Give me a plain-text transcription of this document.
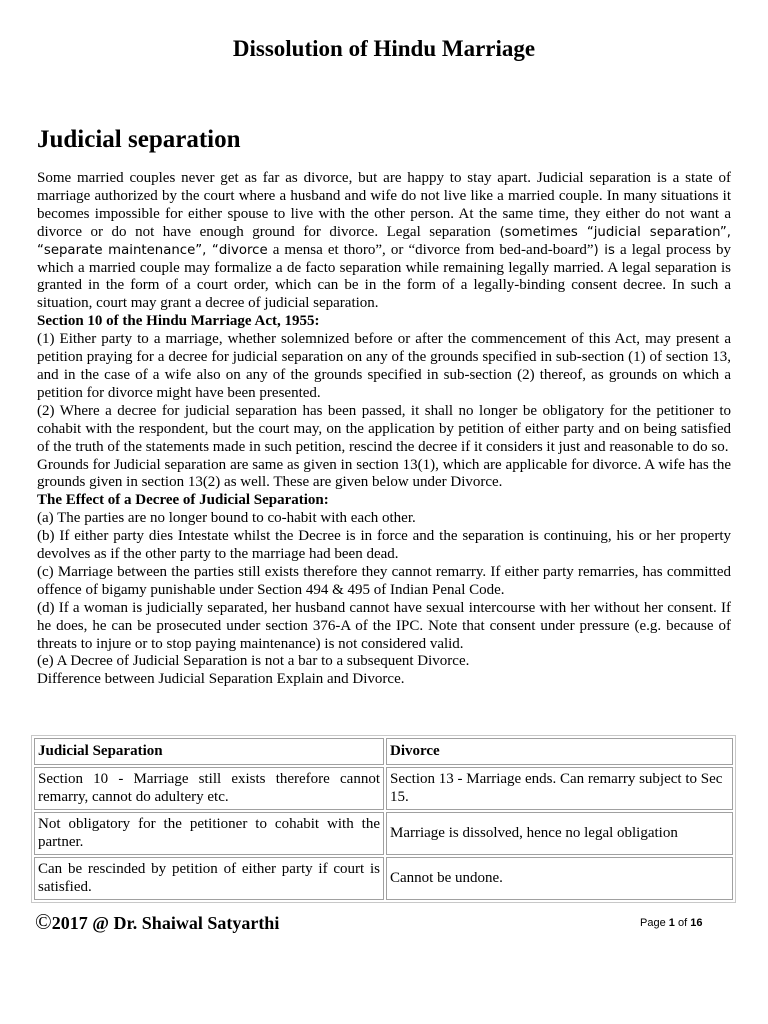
Dissolution of Hindu Marriage
Judicial separation

Some married couples never get as far as divorce, but are happy to stay apart. Judicial separation is a state of marriage authorized by the court where a husband and wife do not live like a married couple. In many situations it becomes impossible for either spouse to live with the other person. At the same time, they either do not want a divorce or do not have enough ground for divorce. Legal separation (sometimes “judicial separation”, “separate maintenance”, “divorce a mensa et thoro”, or “divorce from bed-and-board”) is a legal process by which a married couple may formalize a de facto separation while remaining legally married. A legal separation is granted in the form of a court order, which can be in the form of a legally-binding consent decree. In such a situation, court may grant a decree of judicial separation.

Section 10 of the Hindu Marriage Act, 1955:

(1) Either party to a marriage, whether solemnized before or after the commencement of this Act, may present a petition praying for a decree for judicial separation on any of the grounds specified in sub-section (1) of section 13, and in the case of a wife also on any of the grounds specified in sub-section (2) thereof, as grounds on which a petition for divorce might have been presented.

(2) Where a decree for judicial separation has been passed, it shall no longer be obligatory for the petitioner to cohabit with the respondent, but the court may, on the application by petition of either party and on being satisfied of the truth of the statements made in such petition, rescind the decree if it considers it just and reasonable to do so.

Grounds for Judicial separation are same as given in section 13(1), which are applicable for divorce. A wife has the grounds given in section 13(2) as well. These are given below under Divorce.

The Effect of a Decree of Judicial Separation:

(a) The parties are no longer bound to co-habit with each other.

(b) If either party dies Intestate whilst the Decree is in force and the separation is continuing, his or her property devolves as if the other party to the marriage had been dead.

(c) Marriage between the parties still exists therefore they cannot remarry. If either party remarries, has committed offence of bigamy punishable under Section 494 & 495 of Indian Penal Code.

(d) If a woman is judicially separated, her husband cannot have sexual intercourse with her without her consent. If he does, he can be prosecuted under section 376-A of the IPC. Note that consent under pressure (e.g. because of threats to injure or to stop paying maintenance) is not considered valid.

(e) A Decree of Judicial Separation is not a bar to a subsequent Divorce.

Difference between Judicial Separation Explain and Divorce.

Judicial Separation	Divorce
Section 10 - Marriage still exists therefore cannot remarry, cannot do adultery etc.	Section 13 - Marriage ends. Can remarry subject to Sec 15.
Not obligatory for the petitioner to cohabit with the partner.	Marriage is dissolved, hence no legal obligation
Can be rescinded by petition of either party if court is satisfied.	Cannot be undone.

©2017 @ Dr. Shaiwal Satyarthi	Page 1 of 16
